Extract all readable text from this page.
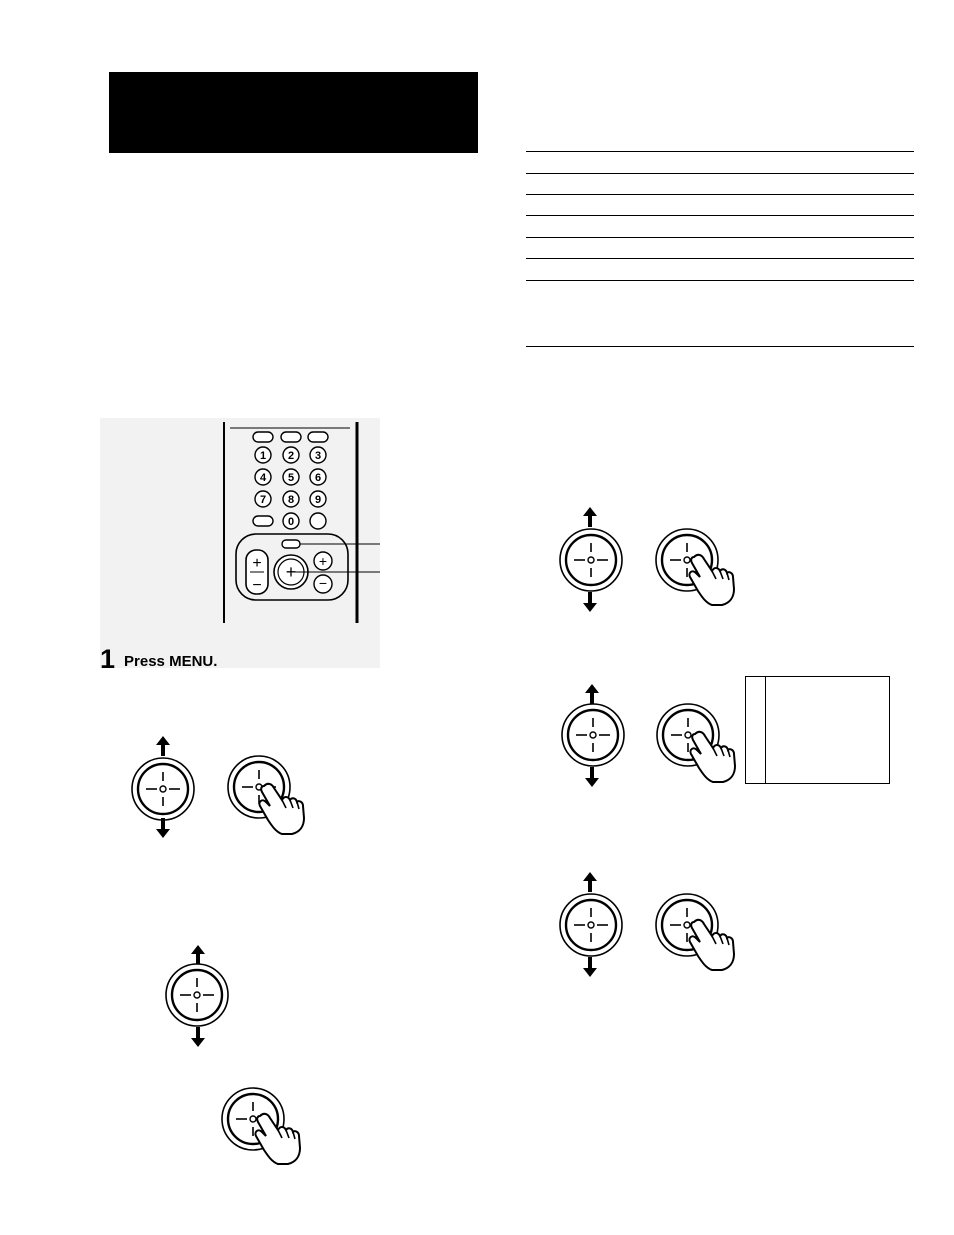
1 2 3
4 5 6
7 8 9
0
+
−
+
+
−
1 Press MENU.
